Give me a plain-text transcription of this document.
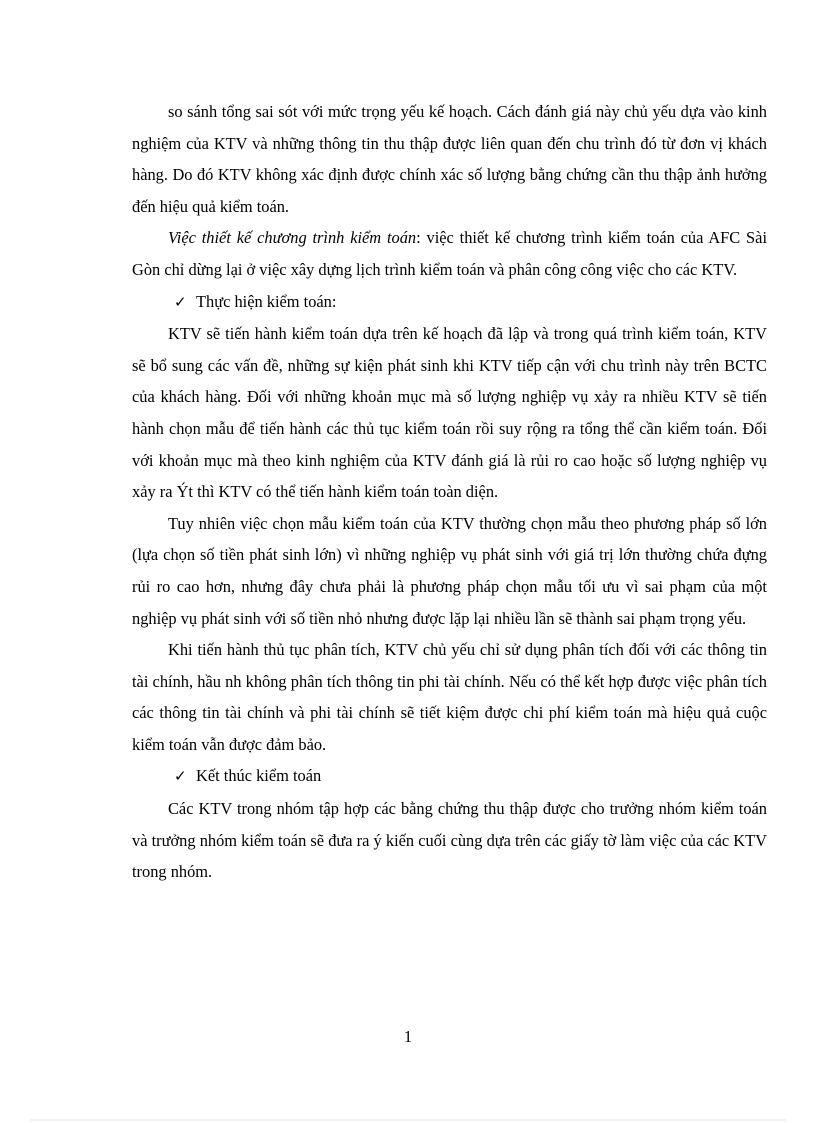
so sánh tổng sai sót với mức trọng yếu kế hoạch. Cách đánh giá này chủ yếu dựa vào kinh nghiệm của KTV và những thông tin thu thập được liên quan đến chu trình đó từ đơn vị khách hàng. Do đó KTV không xác định được chính xác số lượng bằng chứng cần thu thập ảnh hưởng đến hiệu quả kiểm toán.

Việc thiết kế chương trình kiểm toán: việc thiết kế chương trình kiểm toán của AFC Sài Gòn chỉ dừng lại ở việc xây dựng lịch trình kiểm toán và phân công công việc cho các KTV.

✓ Thực hiện kiểm toán:

KTV sẽ tiến hành kiểm toán dựa trên kế hoạch đã lập và trong quá trình kiểm toán, KTV sẽ bổ sung các vấn đề, những sự kiện phát sinh khi KTV tiếp cận với chu trình này trên BCTC của khách hàng. Đối với những khoản mục mà số lượng nghiệp vụ xảy ra nhiều KTV sẽ tiến hành chọn mẫu để tiến hành các thủ tục kiểm toán rồi suy rộng ra tổng thể cần kiểm toán. Đối với khoản mục mà theo kinh nghiệm của KTV đánh giá là rủi ro cao hoặc số lượng nghiệp vụ xảy ra Ýt thì KTV có thể tiến hành kiểm toán toàn diện.

Tuy nhiên việc chọn mẫu kiểm toán của KTV thường chọn mẫu theo phương pháp số lớn (lựa chọn số tiền phát sinh lớn) vì những nghiệp vụ phát sinh với giá trị lớn thường chứa đựng rủi ro cao hơn, nhưng đây chưa phải là phương pháp chọn mẫu tối ưu vì sai phạm của một nghiệp vụ phát sinh với số tiền nhỏ nhưng được lặp lại nhiều lần sẽ thành sai phạm trọng yếu.

Khi tiến hành thủ tục phân tích, KTV chủ yếu chỉ sử dụng phân tích đối với các thông tin tài chính, hầu nh không phân tích thông tin phi tài chính. Nếu có thể kết hợp được việc phân tích các thông tin tài chính và phi tài chính sẽ tiết kiệm được chi phí kiểm toán mà hiệu quả cuộc kiểm toán vẫn được đảm bảo.

✓ Kết thúc kiểm toán

Các KTV trong nhóm tập hợp các bằng chứng thu thập được cho trưởng nhóm kiểm toán và trưởng nhóm kiểm toán sẽ đưa ra ý kiến cuối cùng dựa trên các giấy tờ làm việc của các KTV trong nhóm.

1
